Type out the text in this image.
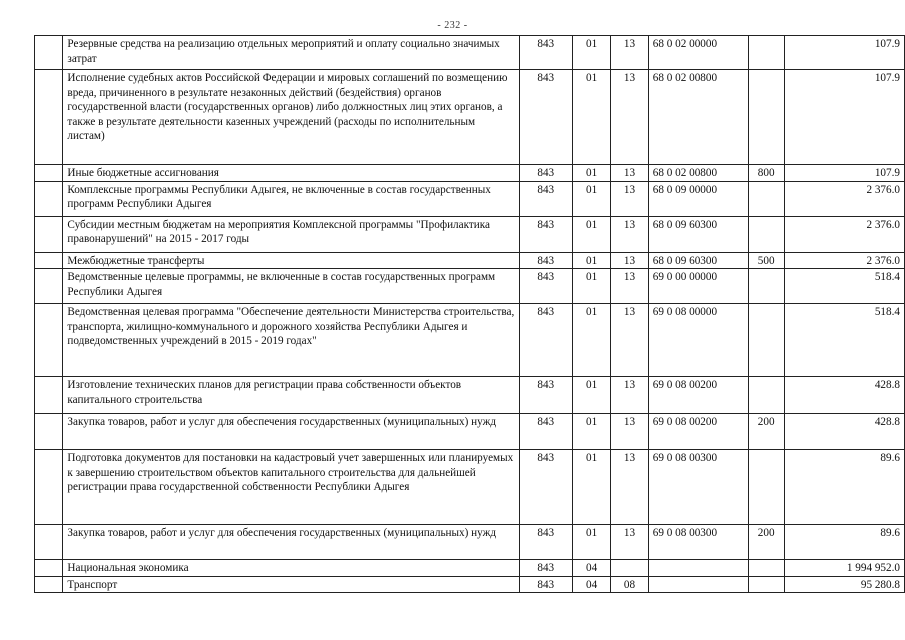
- 232 -
	Резервные средства на реализацию отдельных мероприятий и оплату социально значимых затрат	843	01	13	68 0 02 00000		107.9
	Исполнение судебных актов Российской Федерации и мировых соглашений по возмещению вреда, причиненного в результате незаконных действий (бездействия) органов государственной власти (государственных органов) либо должностных лиц этих органов, а также в результате деятельности казенных учреждений (расходы по исполнительным листам)	843	01	13	68 0 02 00800		107.9
	Иные бюджетные ассигнования	843	01	13	68 0 02 00800	800	107.9
	Комплексные программы Республики Адыгея, не включенные в состав государственных программ Республики Адыгея	843	01	13	68 0 09 00000		2 376.0
	Субсидии местным бюджетам на мероприятия Комплексной программы "Профилактика правонарушений" на 2015 - 2017 годы	843	01	13	68 0 09 60300		2 376.0
	Межбюджетные трансферты	843	01	13	68 0 09 60300	500	2 376.0
	Ведомственные целевые программы, не включенные в состав государственных программ Республики Адыгея	843	01	13	69 0 00 00000		518.4
	Ведомственная целевая программа "Обеспечение деятельности Министерства строительства, транспорта, жилищно-коммунального и дорожного хозяйства Республики Адыгея и подведомственных учреждений в 2015 - 2019 годах"	843	01	13	69 0 08 00000		518.4
	Изготовление технических планов для регистрации права собственности объектов капитального строительства	843	01	13	69 0 08 00200		428.8
	Закупка товаров, работ и услуг для обеспечения государственных (муниципальных) нужд	843	01	13	69 0 08 00200	200	428.8
	Подготовка документов для постановки на кадастровый учет завершенных или планируемых к завершению строительством объектов капитального строительства для дальнейшей регистрации права государственной собственности Республики Адыгея	843	01	13	69 0 08 00300		89.6
	Закупка товаров, работ и услуг для обеспечения государственных (муниципальных) нужд	843	01	13	69 0 08 00300	200	89.6
	Национальная экономика	843	04				1 994 952.0
	Транспорт	843	04	08			95 280.8
